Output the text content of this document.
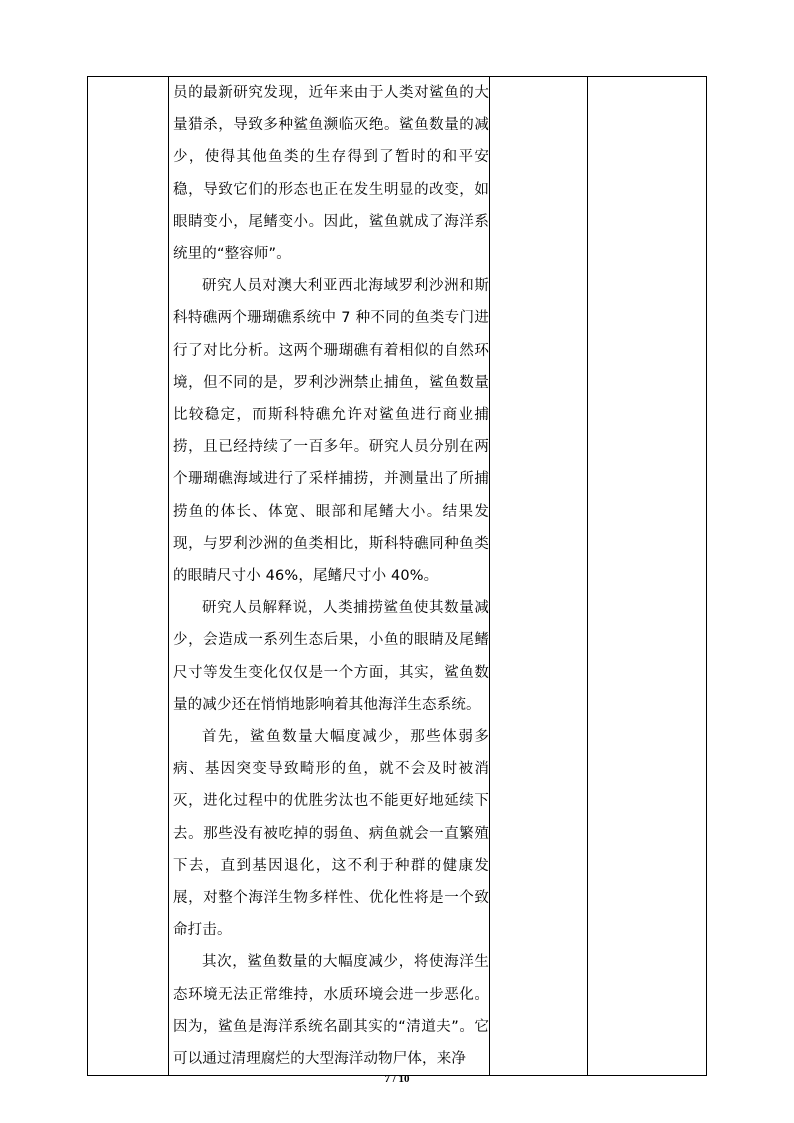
员的最新研究发现，近年来由于人类对鲨鱼的大量猎杀，导致多种鲨鱼濒临灭绝。鲨鱼数量的减少，使得其他鱼类的生存得到了暂时的和平安稳，导致它们的形态也正在发生明显的改变，如眼睛变小，尾鳍变小。因此，鲨鱼就成了海洋系统里的“整容师”。

研究人员对澳大利亚西北海域罗利沙洲和斯科特礁两个珊瑚礁系统中 7 种不同的鱼类专门进行了对比分析。这两个珊瑚礁有着相似的自然环境，但不同的是，罗利沙洲禁止捕鱼，鲨鱼数量比较稳定，而斯科特礁允许对鲨鱼进行商业捕捞，且已经持续了一百多年。研究人员分别在两个珊瑚礁海域进行了采样捕捞，并测量出了所捕捞鱼的体长、体宽、眼部和尾鳍大小。结果发现，与罗利沙洲的鱼类相比，斯科特礁同种鱼类的眼睛尺寸小 46%，尾鳍尺寸小 40%。

研究人员解释说，人类捕捞鲨鱼使其数量减少，会造成一系列生态后果，小鱼的眼睛及尾鳍尺寸等发生变化仅仅是一个方面，其实，鲨鱼数量的减少还在悄悄地影响着其他海洋生态系统。

首先，鲨鱼数量大幅度减少，那些体弱多病、基因突变导致畸形的鱼，就不会及时被消灭，进化过程中的优胜劣汰也不能更好地延续下去。那些没有被吃掉的弱鱼、病鱼就会一直繁殖下去，直到基因退化，这不利于种群的健康发展，对整个海洋生物多样性、优化性将是一个致命打击。

其次，鲨鱼数量的大幅度减少，将使海洋生态环境无法正常维持，水质环境会进一步恶化。因为，鲨鱼是海洋系统名副其实的“清道夫”。它可以通过清理腐烂的大型海洋动物尸体，来净

7 / 10
